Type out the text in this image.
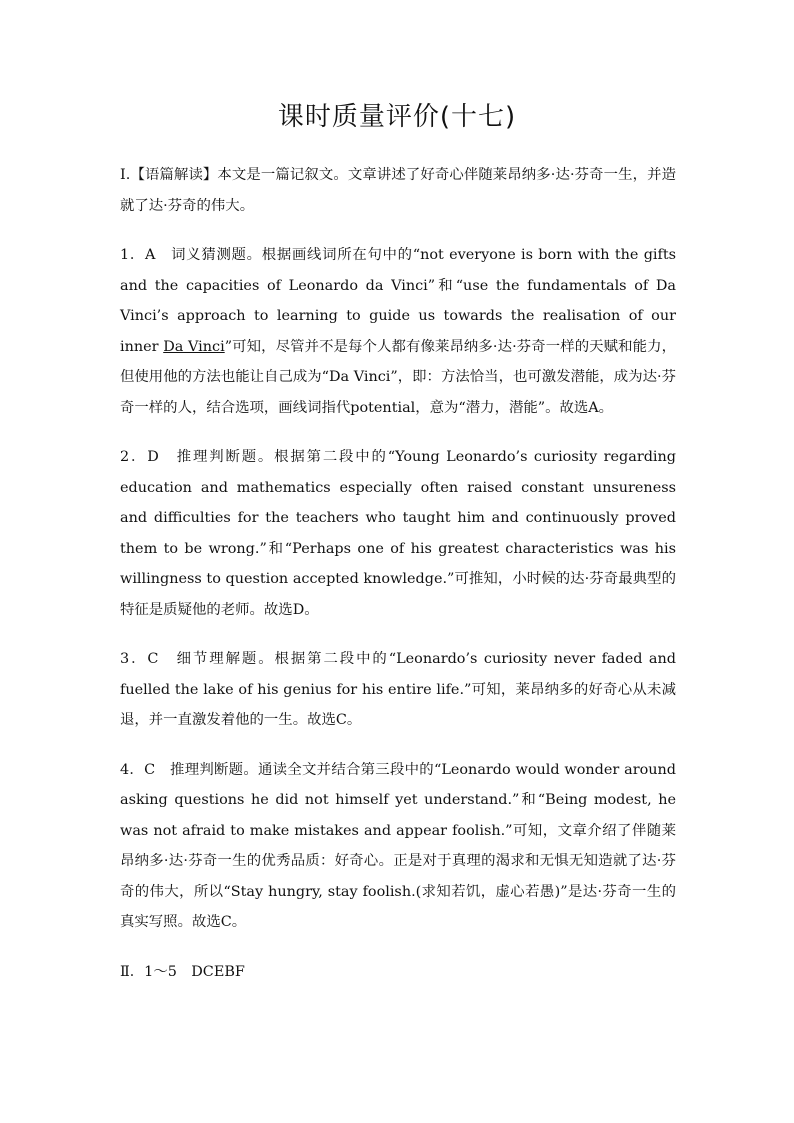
课时质量评价(十七)

Ⅰ.【语篇解读】本文是一篇记叙文。文章讲述了好奇心伴随莱昂纳多·达·芬奇一生，并造就了达·芬奇的伟大。

1．A　词义猜测题。根据画线词所在句中的“not everyone is born with the gifts and the capacities of Leonardo da Vinci”和“use the fundamentals of Da Vinci’s approach to learning to guide us towards the realisation of our inner Da Vinci”可知，尽管并不是每个人都有像莱昂纳多·达·芬奇一样的天赋和能力，但使用他的方法也能让自己成为“Da Vinci”，即：方法恰当，也可激发潜能，成为达·芬奇一样的人，结合选项，画线词指代potential，意为“潜力，潜能”。故选A。

2．D　推理判断题。根据第二段中的“Young Leonardo’s curiosity regarding education and mathematics especially often raised constant unsureness and difficulties for the teachers who taught him and continuously proved them to be wrong.”和“Perhaps one of his greatest characteristics was his willingness to question accepted knowledge.”可推知，小时候的达·芬奇最典型的特征是质疑他的老师。故选D。

3．C　细节理解题。根据第二段中的“Leonardo’s curiosity never faded and fuelled the lake of his genius for his entire life.”可知，莱昂纳多的好奇心从未减退，并一直激发着他的一生。故选C。

4．C　推理判断题。通读全文并结合第三段中的“Leonardo would wonder around asking questions he did not himself yet understand.”和“Being modest, he was not afraid to make mistakes and appear foolish.”可知，文章介绍了伴随莱昂纳多·达·芬奇一生的优秀品质：好奇心。正是对于真理的渴求和无惧无知造就了达·芬奇的伟大，所以“Stay hungry, stay foolish.(求知若饥，虚心若愚)”是达·芬奇一生的真实写照。故选C。

Ⅱ．1～5　DCEBF
